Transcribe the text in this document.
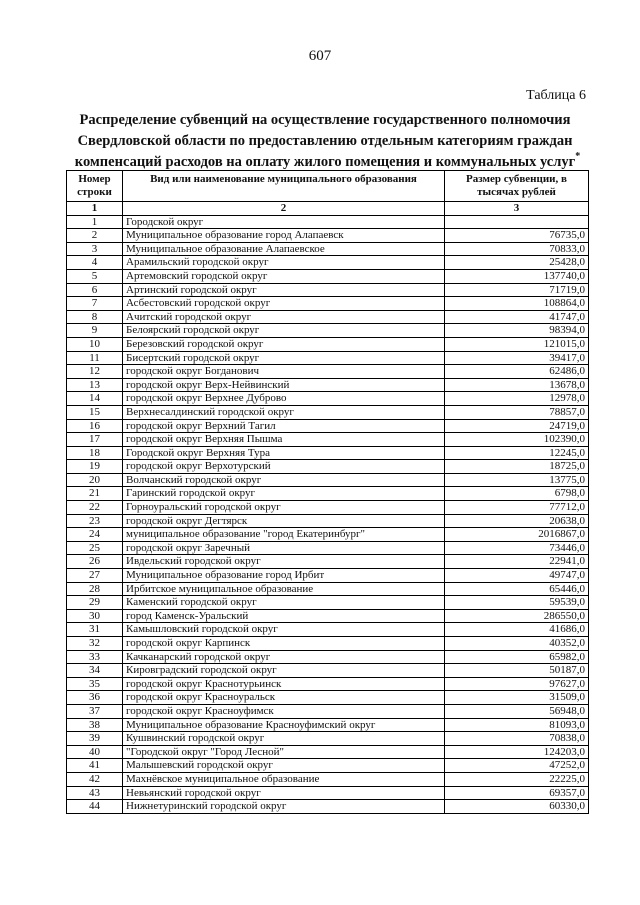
607
Таблица 6
Распределение субвенций на осуществление государственного полномочия
Свердловской области по предоставлению отдельным категориям граждан
компенсаций расходов на оплату жилого помещения и коммунальных услуг *
Номер строки	Вид или наименование муниципального образования	Размер субвенции, в тысячах рублей
1	2	3
1	Городской округ	
2	Муниципальное образование город Алапаевск	76735,0
3	Муниципальное образование Алапаевское	70833,0
4	Арамильский городской округ	25428,0
5	Артемовский городской округ	137740,0
6	Артинский городской округ	71719,0
7	Асбестовский городской округ	108864,0
8	Ачитский городской округ	41747,0
9	Белоярский городской округ	98394,0
10	Березовский городской округ	121015,0
11	Бисертский городской округ	39417,0
12	городской округ Богданович	62486,0
13	городской округ Верх-Нейвинский	13678,0
14	городской округ Верхнее Дуброво	12978,0
15	Верхнесалдинский городской округ	78857,0
16	городской округ Верхний Тагил	24719,0
17	городской округ Верхняя Пышма	102390,0
18	Городской округ Верхняя Тура	12245,0
19	городской округ Верхотурский	18725,0
20	Волчанский городской округ	13775,0
21	Гаринский городской округ	6798,0
22	Горноуральский городской округ	77712,0
23	городской округ Дегтярск	20638,0
24	муниципальное образование "город Екатеринбург"	2016867,0
25	городской округ Заречный	73446,0
26	Ивдельский городской округ	22941,0
27	Муниципальное образование город Ирбит	49747,0
28	Ирбитское муниципальное образование	65446,0
29	Каменский городской округ	59539,0
30	город Каменск-Уральский	286550,0
31	Камышловский городской округ	41686,0
32	городской округ Карпинск	40352,0
33	Качканарский городской округ	65982,0
34	Кировградский городской округ	50187,0
35	городской округ Краснотурьинск	97627,0
36	городской округ Красноуральск	31509,0
37	городской округ Красноуфимск	56948,0
38	Муниципальное образование Красноуфимский округ	81093,0
39	Кушвинский городской округ	70838,0
40	"Городской округ "Город Лесной"	124203,0
41	Малышевский городской округ	47252,0
42	Махнёвское муниципальное образование	22225,0
43	Невьянский городской округ	69357,0
44	Нижнетуринский городской округ	60330,0
